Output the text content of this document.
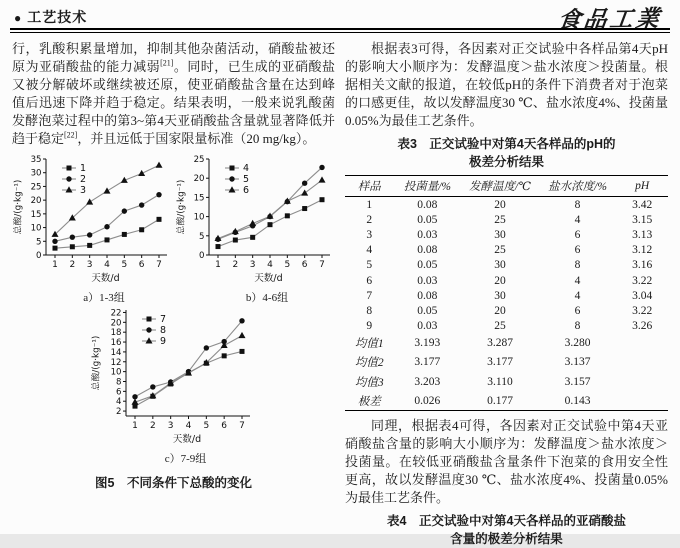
● 工艺技术	食品工業

行，乳酸积累量增加，抑制其他杂菌活动，硝酸盐被还原为亚硝酸盐的能力减弱[21]。同时，已生成的亚硝酸盐又被分解破坏或继续被还原，使亚硝酸盐含量在达到峰值后迅速下降并趋于稳定。结果表明，一般来说乳酸菌发酵泡菜过程中的第3~第4天亚硝酸盐含量就显著降低并趋于稳定[22]，并且远低于国家限量标准（20 mg/kg）。

0
5
10
15
20
25
30
35
1 2 3 4 5 6 7
总酸/(g·kg⁻¹)
天数/d
1
2
3
a）1-3组
0
5
10
15
20
25
1 2 3 4 5 6 7
总酸/(g·kg⁻¹)
天数/d
4
5
6
b）4-6组
2
4
6
8
10
12
14
16
18
20
22
1 2 3 4 5 6 7
总酸/(g·kg⁻¹)
天数/d
7
8
9
c）7-9组
图5　不同条件下总酸的变化

根据表3可得，各因素对正交试验中各样品第4天pH的影响大小顺序为：发酵温度＞盐水浓度＞投菌量。根据相关文献的报道，在较低pH的条件下消费者对于泡菜的口感更佳，故以发酵温度30 ℃、盐水浓度4%、投菌量0.05%为最佳工艺条件。

表3　正交试验中对第4天各样品的pH的
极差分析结果
样品	投菌量/%	发酵温度/℃	盐水浓度/%	pH
1	0.08	20	8	3.42
2	0.05	25	4	3.15
3	0.03	30	6	3.13
4	0.08	25	6	3.12
5	0.05	30	8	3.16
6	0.03	20	4	3.22
7	0.08	30	4	3.04
8	0.05	20	6	3.22
9	0.03	25	8	3.26
均值1	3.193	3.287	3.280	
均值2	3.177	3.177	3.137	
均值3	3.203	3.110	3.157	
极差	0.026	0.177	0.143	

同理，根据表4可得，各因素对正交试验中第4天亚硝酸盐含量的影响大小顺序为：发酵温度＞盐水浓度＞投菌量。在较低亚硝酸盐含量条件下泡菜的食用安全性更高，故以发酵温度30 ℃、盐水浓度4%、投菌量0.05%为最佳工艺条件。

表4　正交试验中对第4天各样品的亚硝酸盐
含量的极差分析结果
